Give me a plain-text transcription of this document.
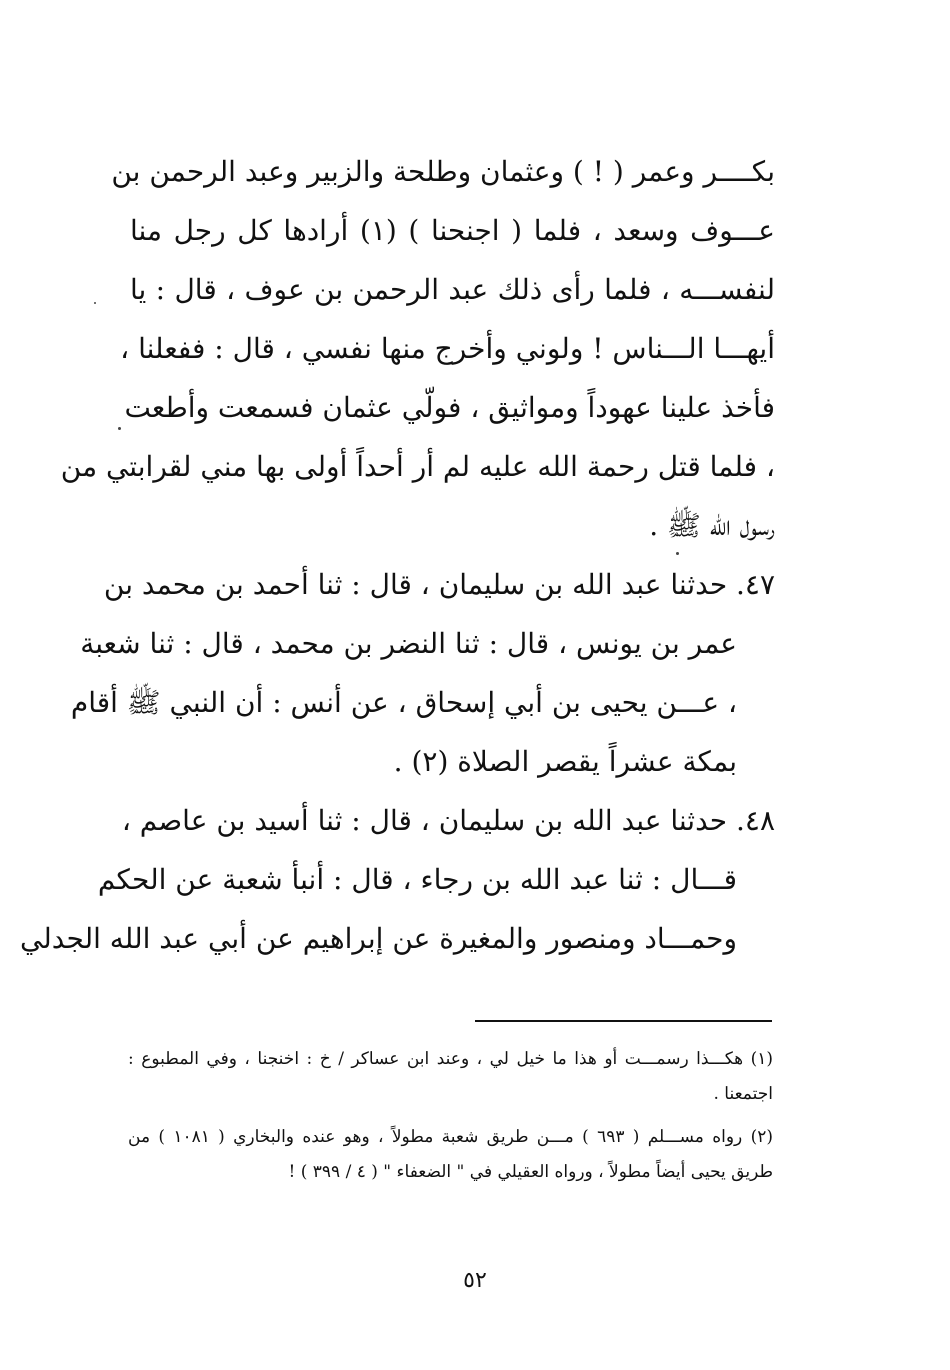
بكــــر وعمر ( ! ) وعثمان وطلحة والزبير وعبد الرحمن بن
عـــوف وسعد ، فلما ( اجنحنا ) (١) أرادها كل رجل منا
لنفســـه ، فلما رأى ذلك عبد الرحمن بن عوف ، قال : يا
أيهـــا الـــناس ! ولوني وأخرج منها نفسي ، قال : ففعلنا ،
فأخذ علينا عهوداً ومواثيق ، فولّي عثمان فسمعت وأطعت
، فلما قتل رحمة الله عليه لم أر أحداً أولى بها مني لقرابتي من
رسول الله ﷺ .
٤٧. حدثنا عبد الله بن سليمان ، قال : ثنا أحمد بن محمد بن
عمر بن يونس ، قال : ثنا النضر بن محمد ، قال : ثنا شعبة
، عـــن يحيى بن أبي إسحاق ، عن أنس : أن النبي ﷺ أقام
بمكة عشراً يقصر الصلاة (٢) .
٤٨. حدثنا عبد الله بن سليمان ، قال : ثنا أسيد بن عاصم ،
قـــال : ثنا عبد الله بن رجاء ، قال : أنبأ شعبة عن الحكم
وحمـــاد ومنصور والمغيرة عن إبراهيم عن أبي عبد الله الجدلي
(١) هكـــذا رسمـــت أو هذا ما خيل لي ، وعند ابن عساكر / خ : اخنجنا ، وفي المطبوع :
اجتمعنا .
(٢) رواه مســـلم ( ٦٩٣ ) مـــن طريق شعبة مطولاً ، وهو عنده والبخاري ( ١٠٨١ ) من
طريق يحيى أيضاً مطولاً ، ورواه العقيلي في " الضعفاء " ( ٤ / ٣٩٩ ) !
٥٢
